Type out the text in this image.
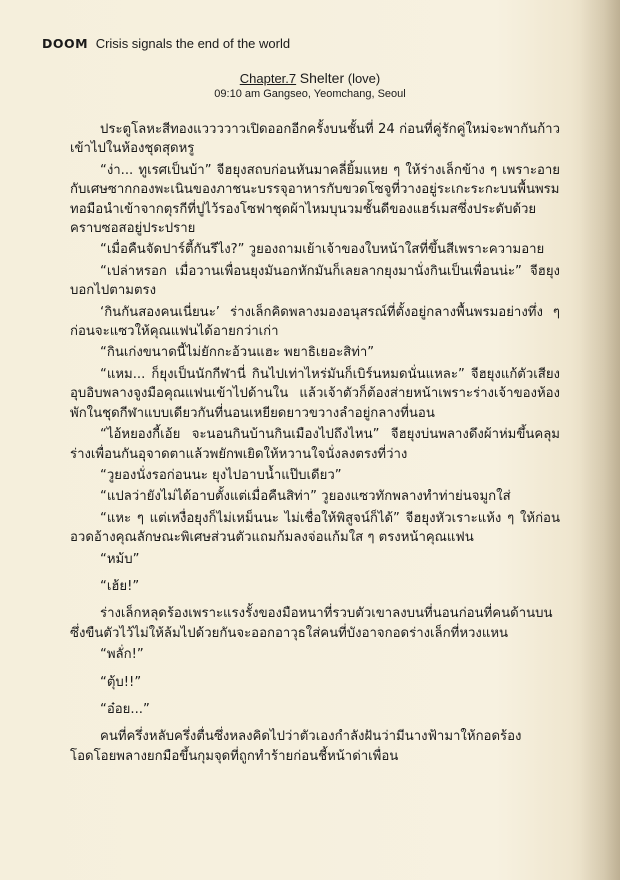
DOOM Crisis signals the end of the world
Chapter.7 Shelter (love)
09:10 am Gangseo, Yeomchang, Seoul

ประตูโลหะสีทองแววววาวเปิดออกอีกครั้งบนชั้นที่ 24 ก่อนที่คู่รักคู่ใหม่จะพากันก้าวเข้าไปในห้องชุดสุดหรู

“ง่า... ทูเรศเป็นบ้า” จีฮยุงสถบก่อนหันมาคลี่ยิ้มแหย ๆ ให้ร่างเล็กข้าง ๆ เพราะอายกับเศษซากกองพะเนินของภาชนะบรรจุอาหารกับขวดโซจูที่วางอยู่ระเกะระกะบนพื้นพรมทอมือนำเข้าจากตุรกีที่ปูไว้รองโซฟาชุดผ้าไหมบุนวมชั้นดีของแฮร์เมสซึ่งประดับด้วยคราบซอสอยู่ประปราย

“เมื่อคืนจัดปาร์ตี้กันรึไง?” วูยองถามเย้าเจ้าของใบหน้าใสที่ขึ้นสีเพราะความอาย

“เปล่าหรอก เมื่อวานเพื่อนยุงมันอกหักมันก็เลยลากยุงมานั่งกินเป็นเพื่อนน่ะ” จีฮยุงบอกไปตามตรง

‘กินกันสองคนเนี่ยนะ’ ร่างเล็กคิดพลางมองอนุสรณ์ที่ตั้งอยู่กลางพื้นพรมอย่างทึ่ง ๆ ก่อนจะแซวให้คุณแฟนได้อายกว่าเก่า

“กินเก่งขนาดนี้ไม่ยักกะอ้วนแฮะ พยาธิเยอะสิท่า”

“แหม... ก็ยุงเป็นนักกีฬานี่ กินไปเท่าไหร่มันก็เบิร์นหมดนั่นแหละ” จีฮยุงแก้ตัวเสียงอุบอิบพลางจูงมือคุณแฟนเข้าไปด้านใน แล้วเจ้าตัวก็ต้องส่ายหน้าเพราะร่างเจ้าของห้องพักในชุดกีฬาแบบเดียวกันที่นอนเหยียดยาวขวางลำอยู่กลางที่นอน

“ไอ้หยองกี้เอ้ย จะนอนกินบ้านกินเมืองไปถึงไหน” จีฮยุงบ่นพลางดึงผ้าห่มขึ้นคลุมร่างเพื่อนกันอุจาดตาแล้วพยักพเยิดให้หวานใจนั่งลงตรงที่ว่าง

“วูยองนั่งรอก่อนนะ ยุงไปอาบน้ำแป๊บเดียว”

“แปลว่ายังไม่ได้อาบตั้งแต่เมื่อคืนสิท่า” วูยองแซวทักพลางทำท่าย่นจมูกใส่

“แหะ ๆ แต่เหงื่อยุงก็ไม่เหม็นนะ ไม่เชื่อให้พิสูจน์ก็ได้” จีฮยุงหัวเราะแห้ง ๆ ให้ก่อนอวดอ้างคุณลักษณะพิเศษส่วนตัวแถมก้มลงจ่อแก้มใส ๆ ตรงหน้าคุณแฟน

“หม้บ”

“เฮ้ย!”

ร่างเล็กหลุดร้องเพราะแรงรั้งของมือหนาที่รวบตัวเขาลงบนที่นอนก่อนที่คนด้านบนซึ่งขืนตัวไว้ไม่ให้ล้มไปด้วยกันจะออกอาวุธใส่คนที่บังอาจกอดร่างเล็กที่หวงแหน

“พลั่ก!”

“ตุ้บ!!”

“อ๋อย...”

คนที่ครึ่งหลับครึ่งตื่นซึ่งหลงคิดไปว่าตัวเองกำลังฝันว่ามีนางฟ้ามาให้กอดร้องโอดโอยพลางยกมือขึ้นกุมจุดที่ถูกทำร้ายก่อนชี้หน้าด่าเพื่อน
